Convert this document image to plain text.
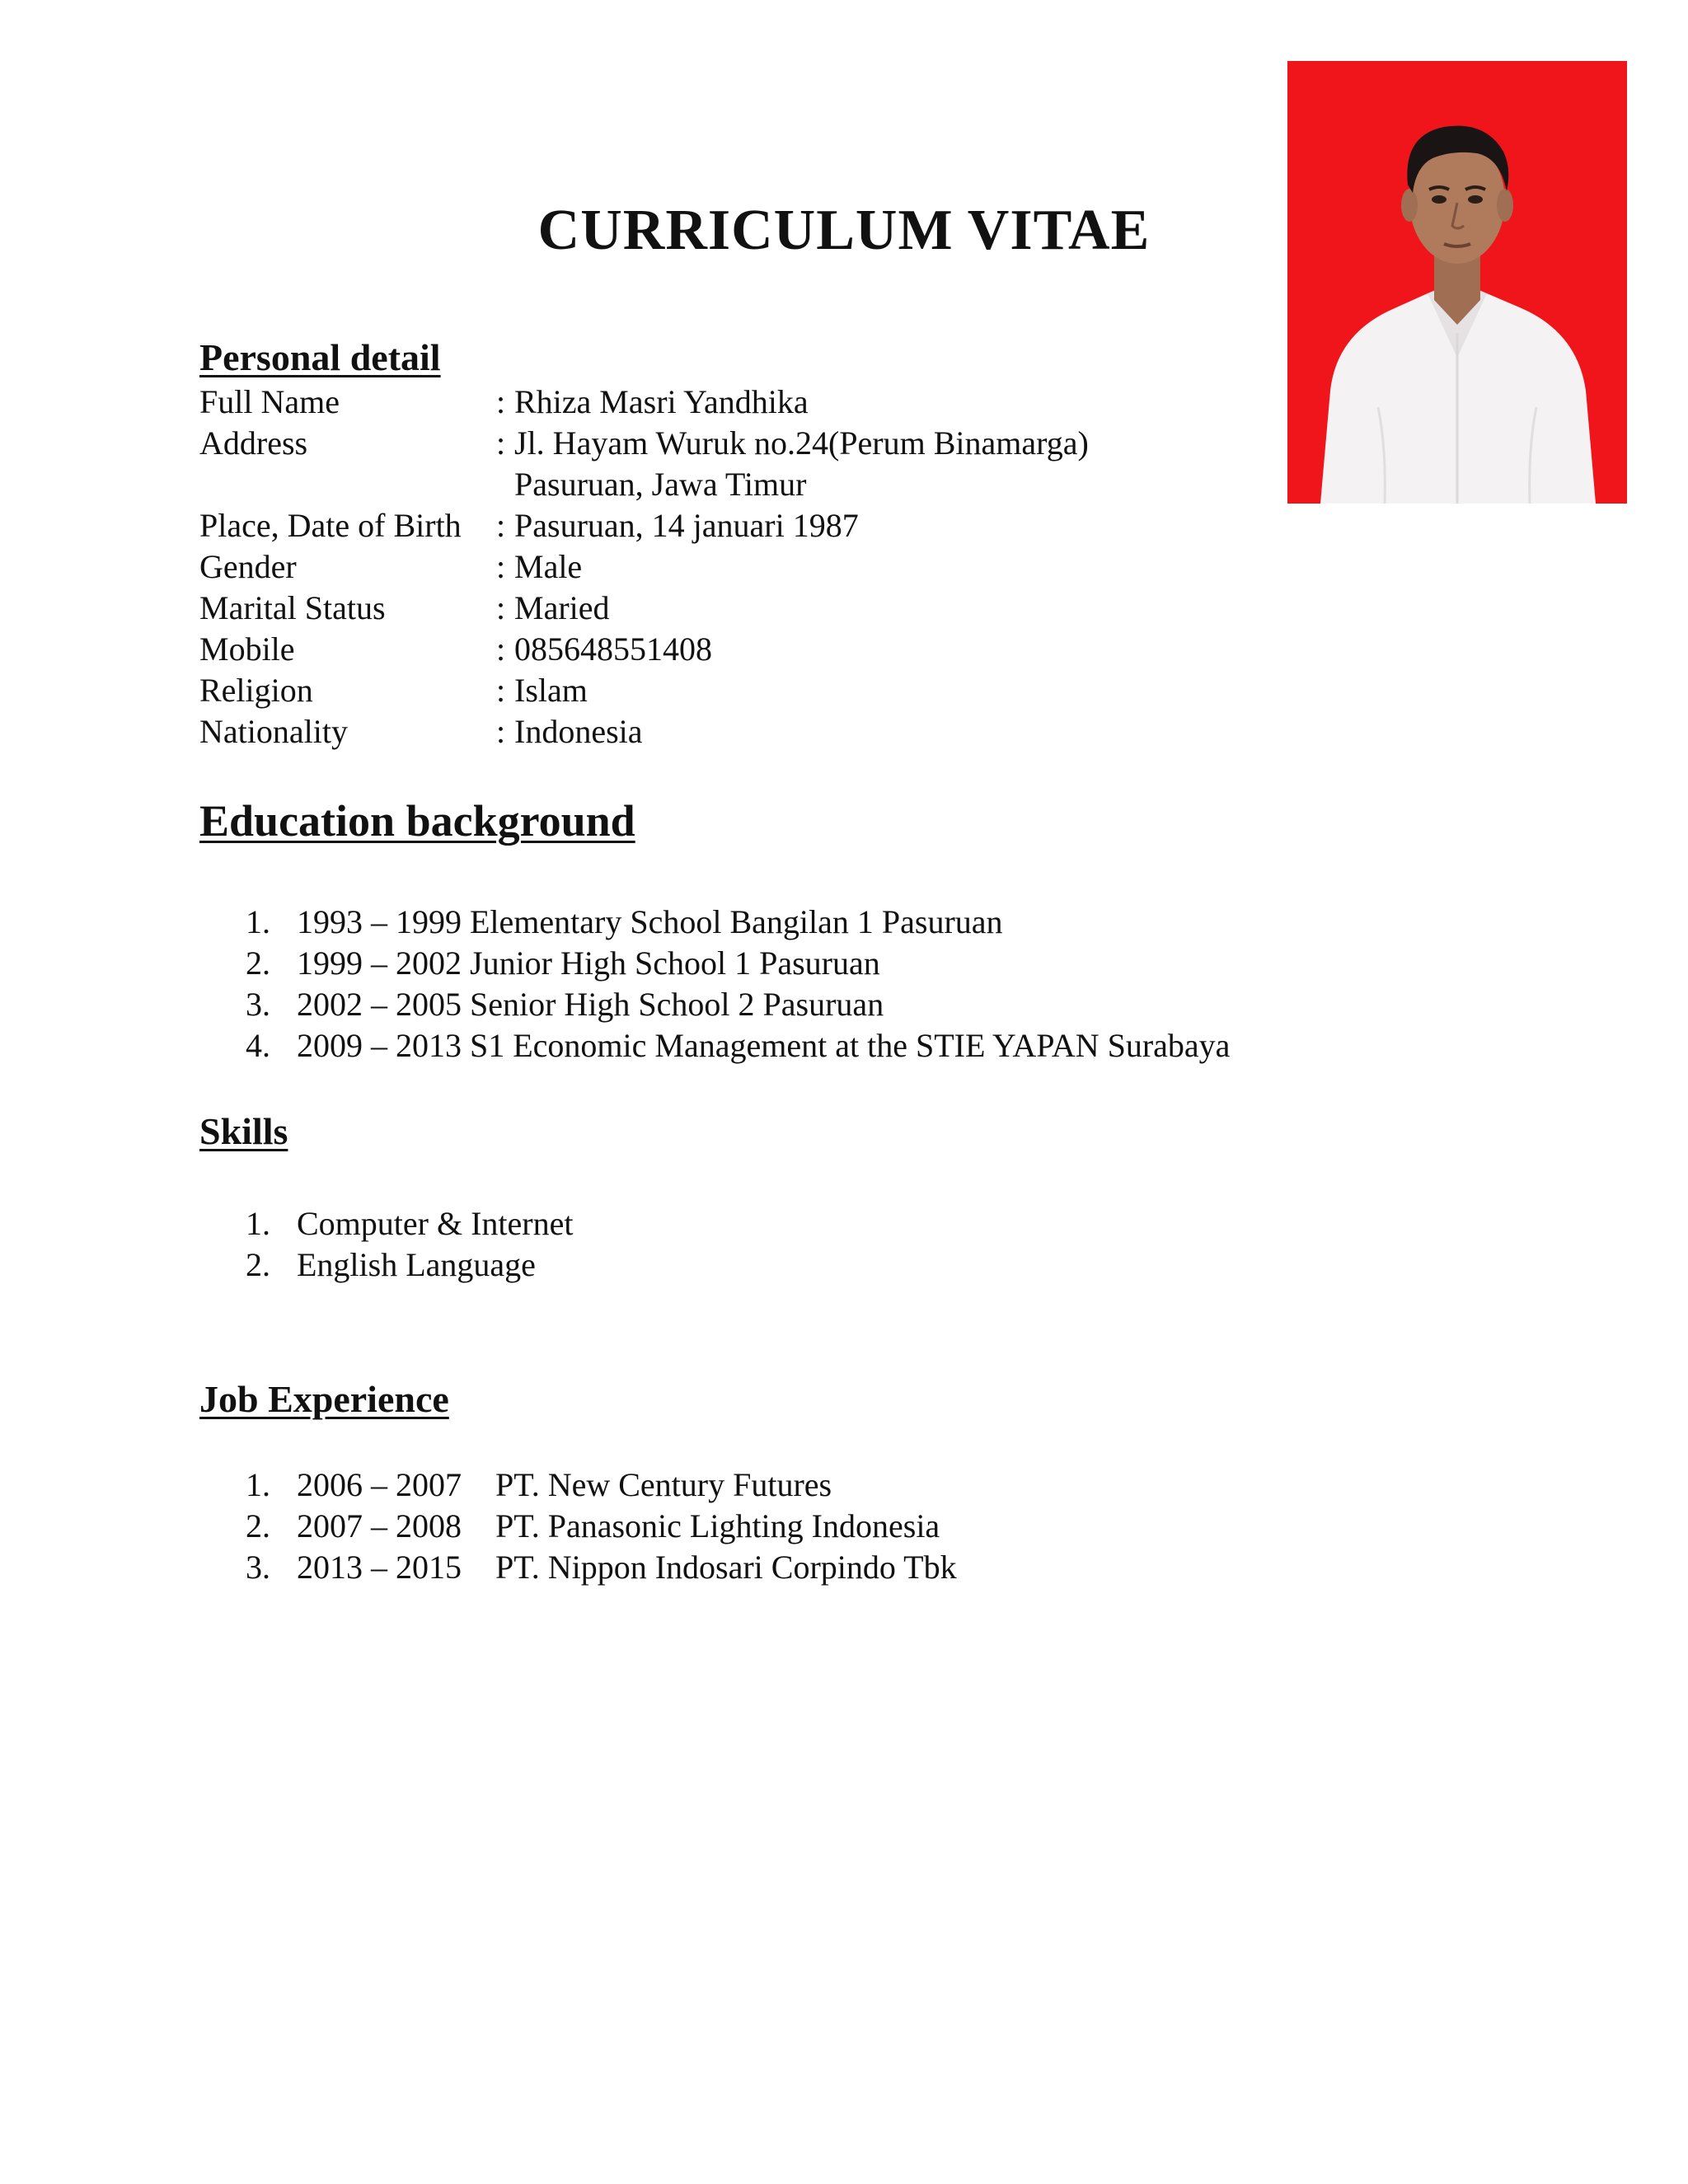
CURRICULUM VITAE
Personal detail
Full Name	: Rhiza Masri Yandhika
Address	: Jl. Hayam Wuruk no.24(Perum Binamarga)
Pasuruan, Jawa Timur
Place, Date of Birth	: Pasuruan, 14 januari 1987
Gender	: Male
Marital Status	: Maried
Mobile	: 085648551408
Religion	: Islam
Nationality	: Indonesia
Education background
1. 1993 – 1999 Elementary School Bangilan 1 Pasuruan
2. 1999 – 2002 Junior High School 1 Pasuruan
3. 2002 – 2005 Senior High School 2 Pasuruan
4. 2009 – 2013 S1 Economic Management at the STIE YAPAN Surabaya
Skills
1. Computer & Internet
2. English Language
Job Experience
1. 2006 – 2007	PT. New Century Futures
2. 2007 – 2008	PT. Panasonic Lighting Indonesia
3. 2013 – 2015	PT. Nippon Indosari Corpindo Tbk
